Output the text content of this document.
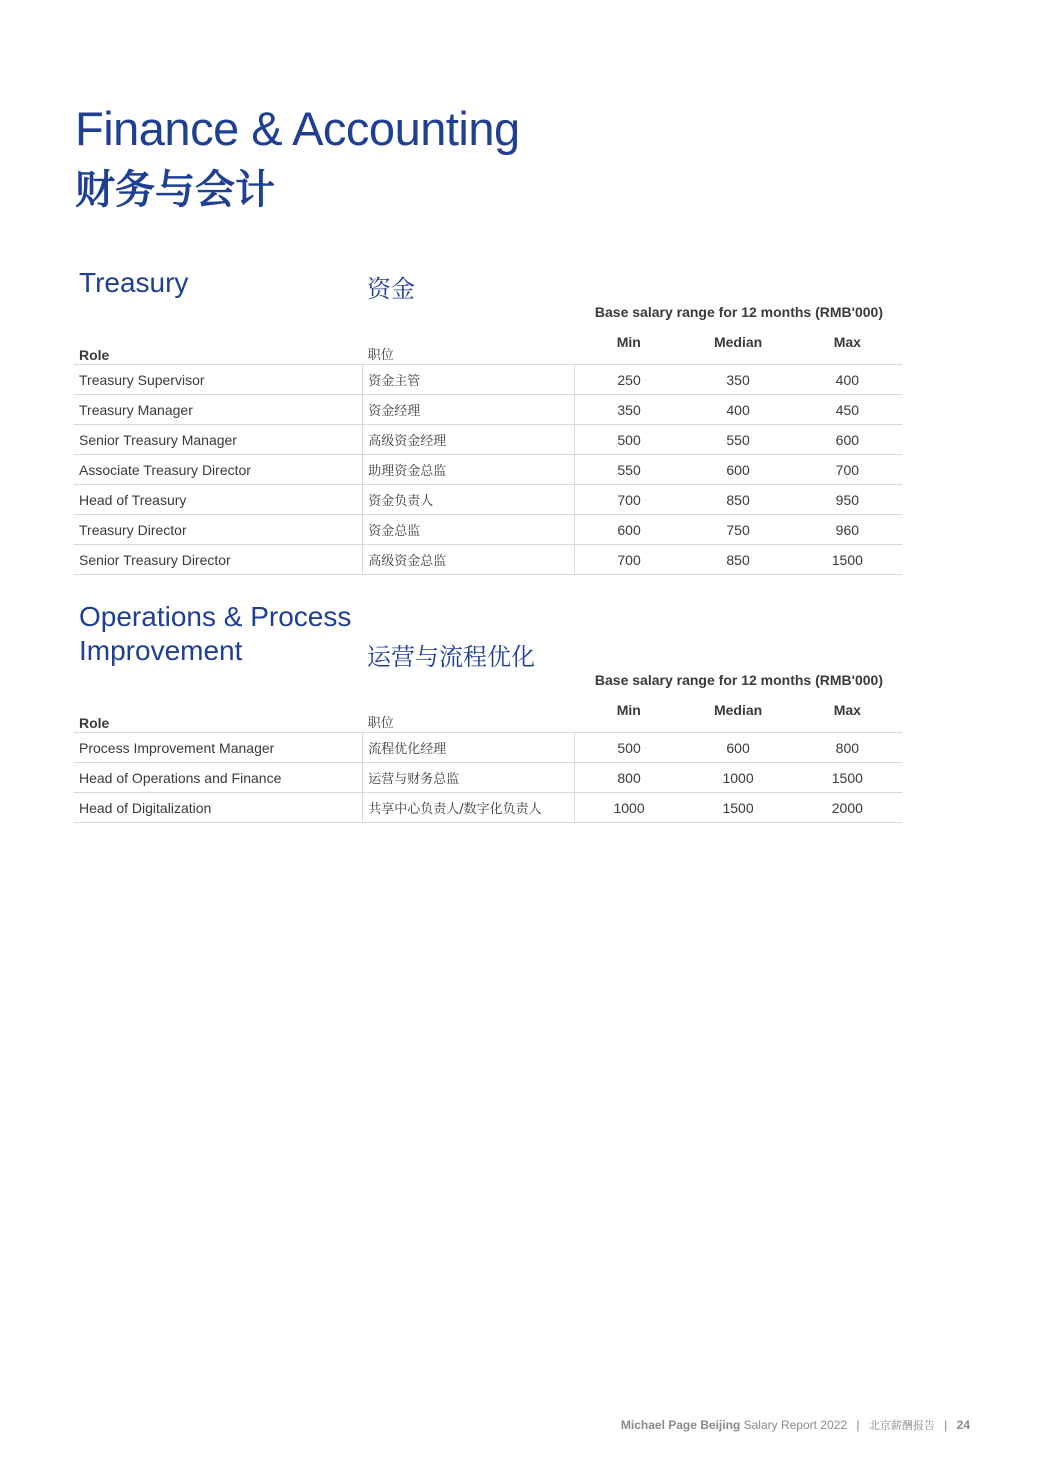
Finance & Accounting
财务与会计
Treasury	资金
Base salary range for 12 months (RMB'000)
Role	职位	Min	Median	Max
Treasury Supervisor	资金主管	250	350	400
Treasury Manager	资金经理	350	400	450
Senior Treasury Manager	高级资金经理	500	550	600
Associate Treasury Director	助理资金总监	550	600	700
Head of Treasury	资金负责人	700	850	950
Treasury Director	资金总监	600	750	960
Senior Treasury Director	高级资金总监	700	850	1500
Operations & Process
Improvement	运营与流程优化
Base salary range for 12 months (RMB'000)
Role	职位	Min	Median	Max
Process Improvement Manager	流程优化经理	500	600	800
Head of Operations and Finance	运营与财务总监	800	1000	1500
Head of Digitalization	共享中心负责人/数字化负责人	1000	1500	2000
Michael Page Beijing Salary Report 2022 | 北京薪酬报告 | 24
